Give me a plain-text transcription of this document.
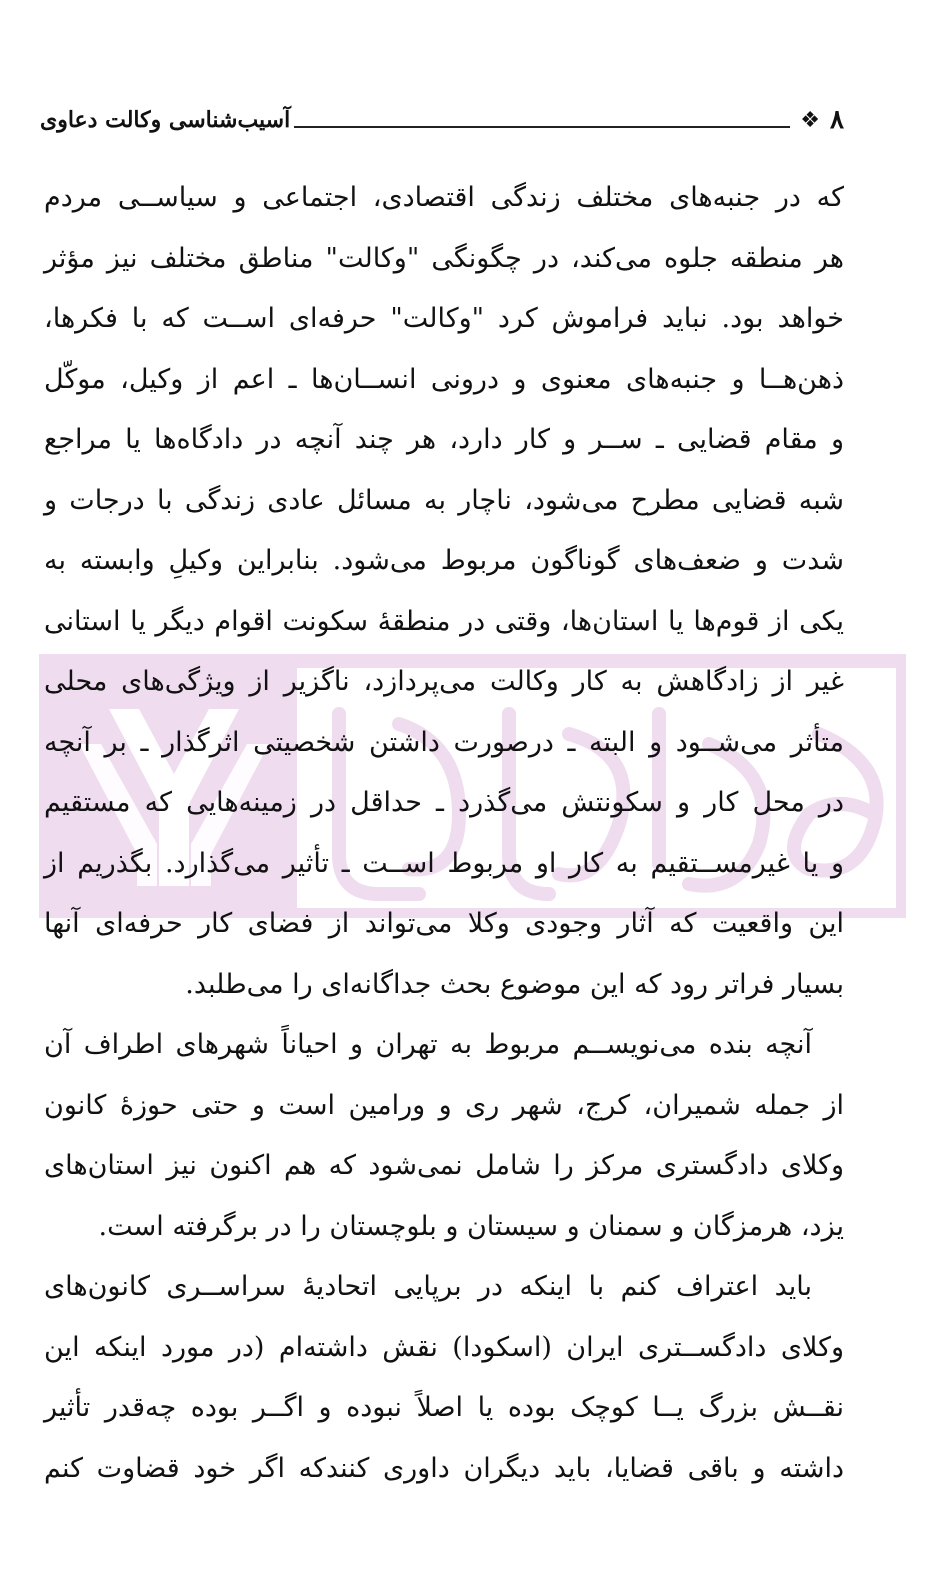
۸
❖
آسیب‌شناسی وکالت دعاوی
که در جنبه‌های مختلف زندگی اقتصادی، اجتماعی و سیاســی مردم
هر منطقه جلوه می‌کند، در چگونگی "وکالت" مناطق مختلف نیز مؤثر
خواهد بود. نباید فراموش کرد "وکالت" حرفه‌ای اســت که با فکرها،
ذهن‌هــا و جنبه‌های معنوی و درونی انســان‌ها ـ اعم از وکیل، موکّل
و مقام قضایی ـ ســر و کار دارد، هر چند آنچه در دادگاه‌ها یا مراجع
شبه قضایی مطرح می‌شود، ناچار به مسائل عادی زندگی با درجات و
شدت و ضعف‌های گوناگون مربوط می‌شود. بنابراین وکیلِ وابسته به
یکی از قوم‌ها یا استان‌ها، وقتی در منطقهٔ سکونت اقوام دیگر یا استانی
غیر از زادگاهش به کار وکالت می‌پردازد، ناگزیر از ویژگی‌های محلی
متأثر می‌شــود و البته ـ درصورت داشتن شخصیتی اثرگذار ـ بر آنچه
در محل کار و سکونتش می‌گذرد ـ حداقل در زمینه‌هایی که مستقیم
و یا غیرمســتقیم به کار او مربوط اســت ـ تأثیر می‌گذارد. بگذریم از
این واقعیت که آثار وجودی وکلا می‌تواند از فضای کار حرفه‌ای آنها
بسیار فراتر رود که این موضوع بحث جداگانه‌ای را می‌طلبد.
آنچه بنده می‌نویســم مربوط به تهران و احیاناً شهرهای اطراف آن
از جمله شمیران، کرج، شهر ری و ورامین است و حتی حوزهٔ کانون
وکلای دادگستری مرکز را شامل نمی‌شود که هم اکنون نیز استان‌های
یزد، هرمزگان و سمنان و سیستان و بلوچستان را در برگرفته است.
باید اعتراف کنم با اینکه در برپایی اتحادیهٔ سراســری کانون‌های
وکلای دادگســتری ایران (اسکودا) نقش داشته‌ام (در مورد اینکه این
نقــش بزرگ یــا کوچک بوده یا اصلاً نبوده و اگــر بوده چه‌قدر تأثیر
داشته و باقی قضایا، باید دیگران داوری کنندکه اگر خود قضاوت کنم
